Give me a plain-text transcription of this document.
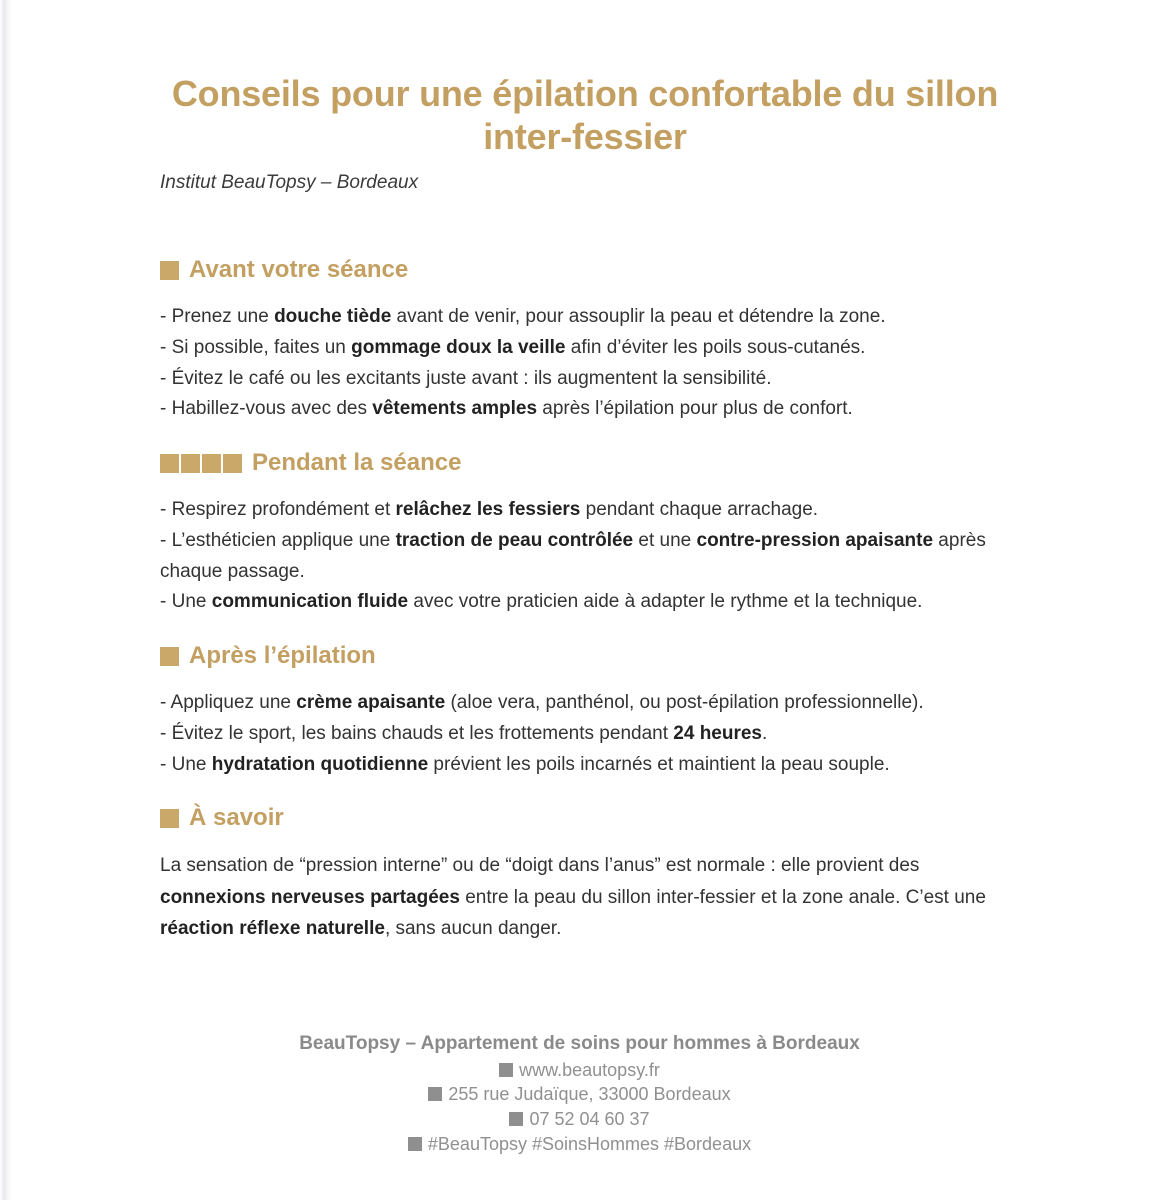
Conseils pour une épilation confortable du sillon inter-fessier
Institut BeauTopsy – Bordeaux
Avant votre séance

- Prenez une douche tiède avant de venir, pour assouplir la peau et détendre la zone.

- Si possible, faites un gommage doux la veille afin d’éviter les poils sous-cutanés.

- Évitez le café ou les excitants juste avant : ils augmentent la sensibilité.

- Habillez-vous avec des vêtements amples après l’épilation pour plus de confort.

Pendant la séance

- Respirez profondément et relâchez les fessiers pendant chaque arrachage.

- L’esthéticien applique une traction de peau contrôlée et une contre-pression apaisante après chaque passage.

- Une communication fluide avec votre praticien aide à adapter le rythme et la technique.

Après l’épilation

- Appliquez une crème apaisante (aloe vera, panthénol, ou post-épilation professionnelle).

- Évitez le sport, les bains chauds et les frottements pendant 24 heures.

- Une hydratation quotidienne prévient les poils incarnés et maintient la peau souple.

À savoir

La sensation de “pression interne” ou de “doigt dans l’anus” est normale : elle provient des connexions nerveuses partagées entre la peau du sillon inter-fessier et la zone anale. C’est une réaction réflexe naturelle, sans aucun danger.

BeauTopsy – Appartement de soins pour hommes à Bordeaux
www.beautopsy.fr
255 rue Judaïque, 33000 Bordeaux
07 52 04 60 37
#BeauTopsy #SoinsHommes #Bordeaux
